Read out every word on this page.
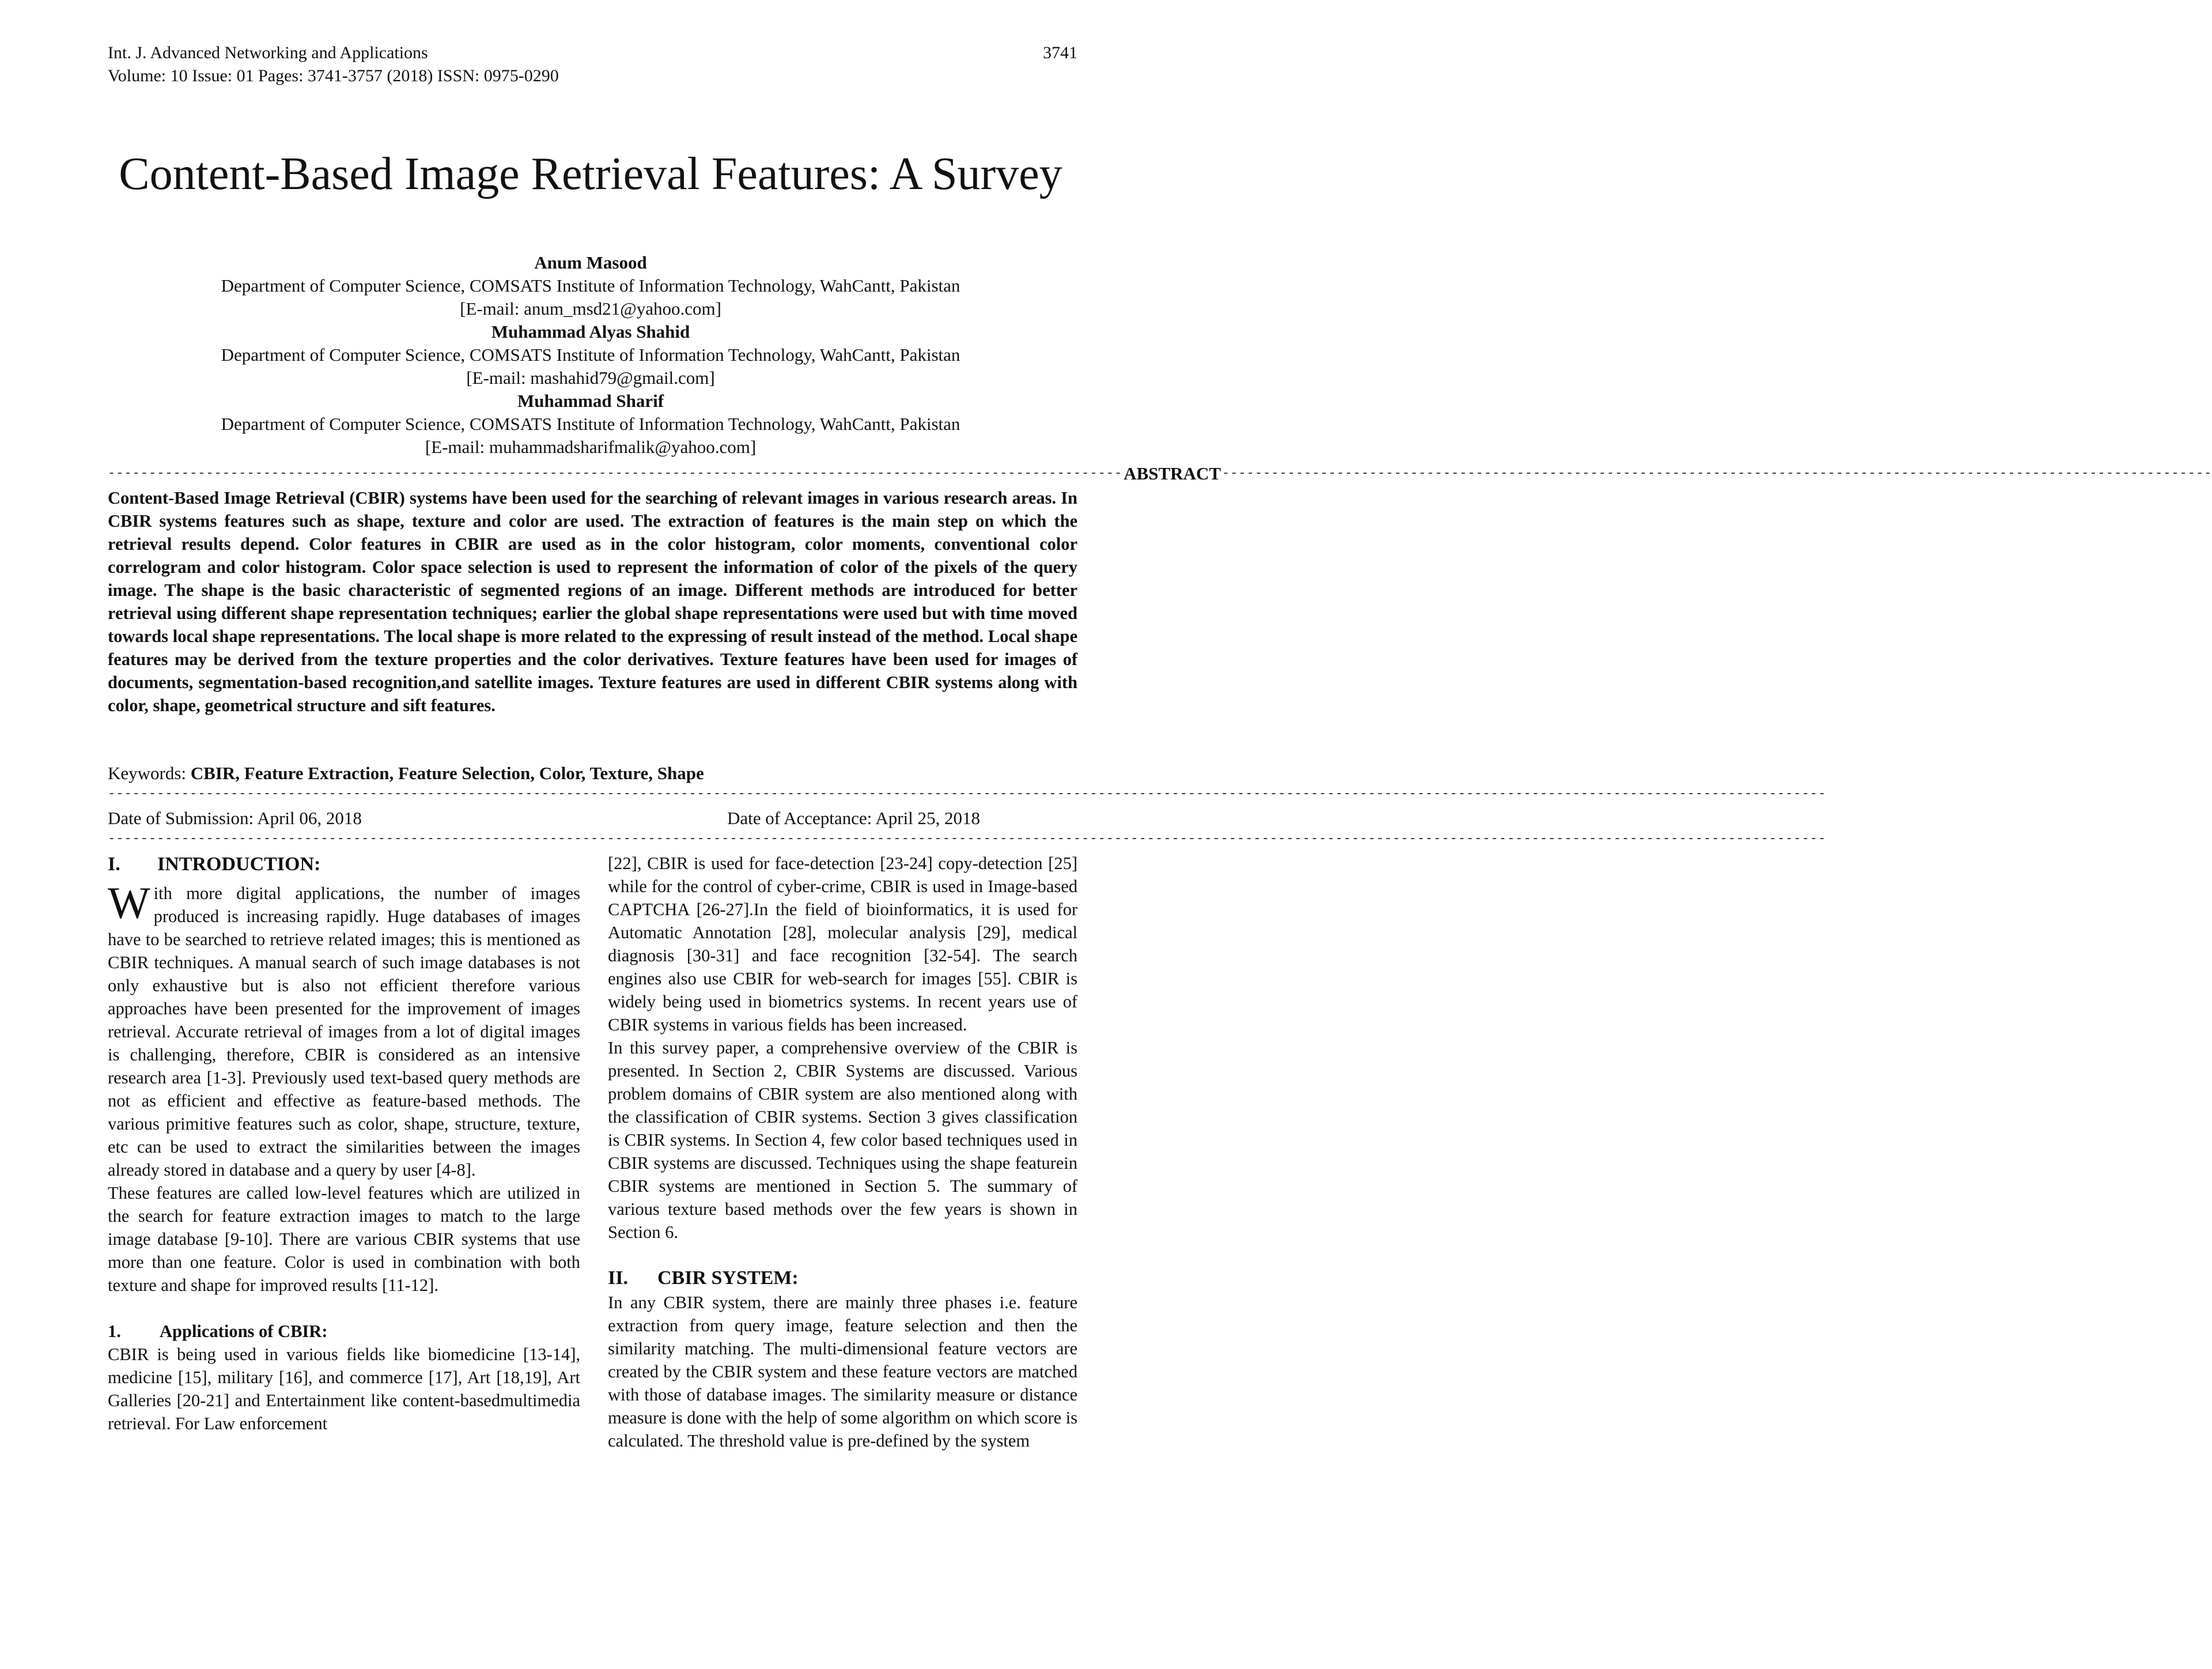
Int. J. Advanced Networking and Applications
Volume: 10 Issue: 01 Pages: 3741-3757 (2018) ISSN: 0975-0290
3741
Content-Based Image Retrieval Features: A Survey
Anum Masood
Department of Computer Science, COMSATS Institute of Information Technology, WahCantt, Pakistan
[E-mail: anum_msd21@yahoo.com]
Muhammad Alyas Shahid
Department of Computer Science, COMSATS Institute of Information Technology, WahCantt, Pakistan
[E-mail: mashahid79@gmail.com]
Muhammad Sharif
Department of Computer Science, COMSATS Institute of Information Technology, WahCantt, Pakistan
[E-mail: muhammadsharifmalik@yahoo.com]
---------------------------------------------------------------------------------------------------------------------------- ABSTRACT -------------------------------------------------------------------------------------------------------------------------
Content-Based Image Retrieval (CBIR) systems have been used for the searching of relevant images in various research areas. In CBIR systems features such as shape, texture and color are used. The extraction of features is the main step on which the retrieval results depend. Color features in CBIR are used as in the color histogram, color moments, conventional color correlogram and color histogram. Color space selection is used to represent the information of color of the pixels of the query image. The shape is the basic characteristic of segmented regions of an image. Different methods are introduced for better retrieval using different shape representation techniques; earlier the global shape representations were used but with time moved towards local shape representations. The local shape is more related to the expressing of result instead of the method. Local shape features may be derived from the texture properties and the color derivatives. Texture features have been used for images of documents, segmentation-based recognition,and satellite images. Texture features are used in different CBIR systems along with color, shape, geometrical structure and sift features.
Keywords: CBIR, Feature Extraction, Feature Selection, Color, Texture, Shape
------------------------------------------------------------------------------------------------------------------------------------------------------------------------------------------------------------------
Date of Submission: April 06, 2018	Date of Acceptance: April 25, 2018
------------------------------------------------------------------------------------------------------------------------------------------------------------------------------------------------------------------
I. INTRODUCTION:

With more digital applications, the number of images produced is increasing rapidly. Huge databases of images have to be searched to retrieve related images; this is mentioned as CBIR techniques. A manual search of such image databases is not only exhaustive but is also not efficient therefore various approaches have been presented for the improvement of images retrieval. Accurate retrieval of images from a lot of digital images is challenging, therefore, CBIR is considered as an intensive research area [1-3]. Previously used text-based query methods are not as efficient and effective as feature-based methods. The various primitive features such as color, shape, structure, texture, etc can be used to extract the similarities between the images already stored in database and a query by user [4-8].

These features are called low-level features which are utilized in the search for feature extraction images to match to the large image database [9-10]. There are various CBIR systems that use more than one feature. Color is used in combination with both texture and shape for improved results [11-12].

1. Applications of CBIR:

CBIR is being used in various fields like biomedicine [13-14], medicine [15], military [16], and commerce [17], Art [18,19], Art Galleries [20-21] and Entertainment like content-basedmultimedia retrieval. For Law enforcement

[22], CBIR is used for face-detection [23-24] copy-detection [25] while for the control of cyber-crime, CBIR is used in Image-based CAPTCHA [26-27].In the field of bioinformatics, it is used for Automatic Annotation [28], molecular analysis [29], medical diagnosis [30-31] and face recognition [32-54]. The search engines also use CBIR for web-search for images [55]. CBIR is widely being used in biometrics systems. In recent years use of CBIR systems in various fields has been increased.

In this survey paper, a comprehensive overview of the CBIR is presented. In Section 2, CBIR Systems are discussed. Various problem domains of CBIR system are also mentioned along with the classification of CBIR systems. Section 3 gives classification is CBIR systems. In Section 4, few color based techniques used in CBIR systems are discussed. Techniques using the shape featurein CBIR systems are mentioned in Section 5. The summary of various texture based methods over the few years is shown in Section 6.

II. CBIR SYSTEM:

In any CBIR system, there are mainly three phases i.e. feature extraction from query image, feature selection and then the similarity matching. The multi-dimensional feature vectors are created by the CBIR system and these feature vectors are matched with those of database images. The similarity measure or distance measure is done with the help of some algorithm on which score is calculated. The threshold value is pre-defined by the system
